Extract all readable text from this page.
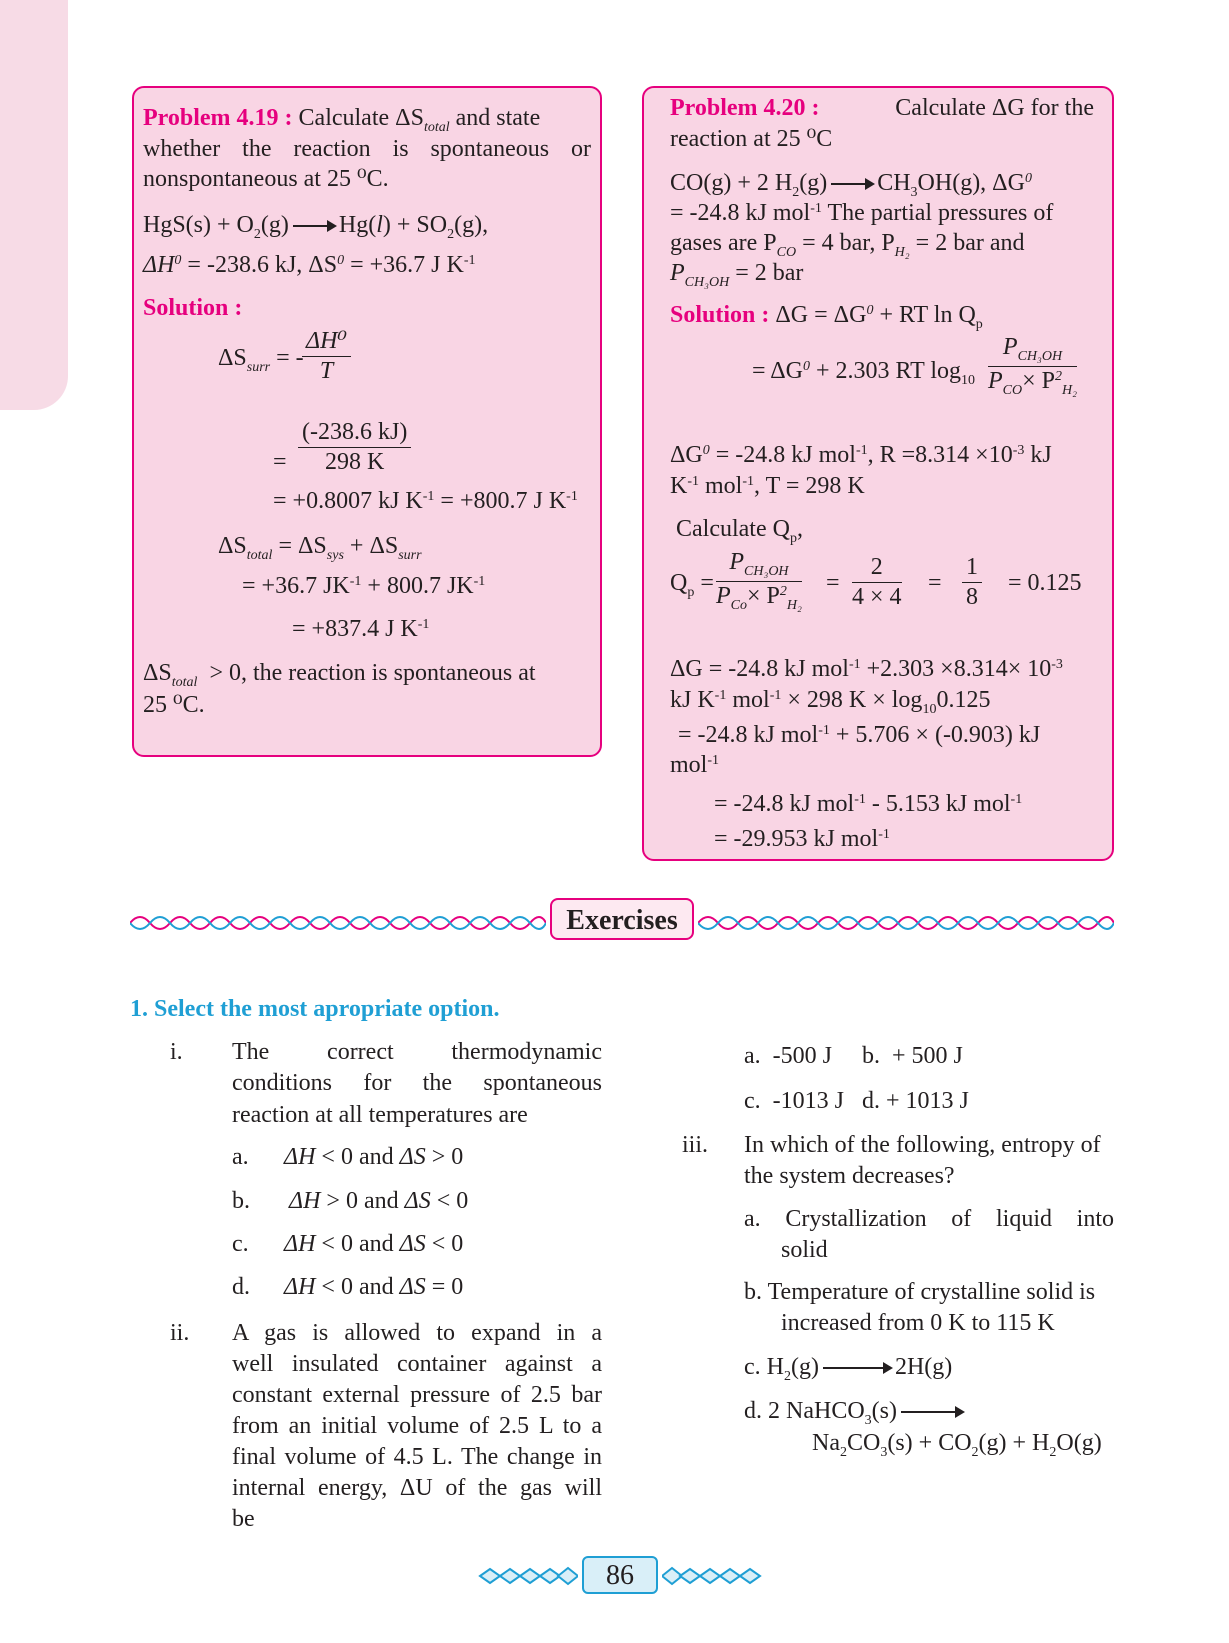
Problem 4.19 : Calculate $\Delta S_{total}$ and state
whether the reaction is spontaneous or
nonspontaneous at 25 ⁰C.
$HgS(s) + O_2(g) \to Hg(l) + SO_2(g)$,
$\Delta H^0 = -238.6$ kJ, $\Delta S^0 = +36.7$ J $K^{-1}$
Solution :
$\Delta S_{surr}$ = -
$\frac{\text{ΔH⁰}}{T}$
= $\frac{(-238.6 kJ)}{298 K}$
= +0.8007 kJ $K^{-1} = +800.7$ J $K^{-1}$
$\Delta S_{total} = \Delta S_{sys} + \Delta S_{surr}$
= +36.7 $JK^{-1} + 800.7$ $JK^{-1}$
= +837.4 J $K^{-1}$
$\Delta S_{total} > 0$, the reaction is spontaneous at
25 ⁰C.
Problem 4.20 :	Calculate ΔG for the
reaction at 25 ⁰C
CO(g) + 2 $H_2(g) \to CH_3OH(g)$, $\Delta G^0$
= -24.8 kJ mol$^{-1}$ The partial pressures of
gases are $P_{CO} = 4$ bar, $P_{H_2} = 2$ bar and
$P_{CH_3OH} = 2$ bar
Solution : $\Delta G = \Delta G^0$ + RT $\ln Q_p$
= $\Delta G^0 + 2.303$ RT $\log_{10}$
$P_{CH_3OH}$
$P_{CO}\times P^2_{H_2}$
$\Delta G^0 = -24.8$ kJ mol$^{-1}$, $R =8.314 \times 10^{-3}$ kJ
$K^{-1}$ mol$^{-1}$, T = 298 K
Calculate $Q_p$,
$Q_p$ =
$P_{CH_3OH}$
$P_{Co}\times P^2_{H_2}$
= $\frac{2}{4 \times 4} = \frac{1}{8} = 0.125$
ΔG = -24.8 kJ $mol^{-1} +2.303 \times 8.314\times 10^{-3}$
kJ $K^{-1}$ mol$^{-1}$ × 298 $K \times \log_{10}0.125$
= -24.8 kJ mol$^{-1}$ + 5.706 × (-0.903) kJ
mol$^{-1}$
= -24.8 kJ mol$^{-1}$ - 5.153 kJ mol$^{-1}$
= -29.953 kJ mol$^{-1}$
Exercises
1. Select the most apropriate option.
i. The correct thermodynamic
conditions for the spontaneous
reaction at all temperatures are
a. ΔH < 0 and ΔS > 0
b. ΔH > 0 and ΔS < 0
c. ΔH < 0 and ΔS < 0
d. ΔH < 0 and ΔS = 0
ii. A gas is allowed to expand in a
well insulated container against a
constant external pressure of 2.5 bar
from an initial volume of 2.5 L to a
final volume of 4.5 L. The change in
internal energy, ΔU of the gas will
be
a.  -500 J     b.  + 500 J
c.  -1013 J   d. + 1013 J
iii. In which of the following, entropy of
the system decreases?
a. Crystallization of liquid into
solid
b. Temperature of crystalline solid is
increased from 0 K to 115 K
c. $H_2(g) \to 2H(g)$
d. 2 NaHCO$_3$(s) →
$Na_2CO_3(s) + CO_2(g) + H_2O(g)$
86
